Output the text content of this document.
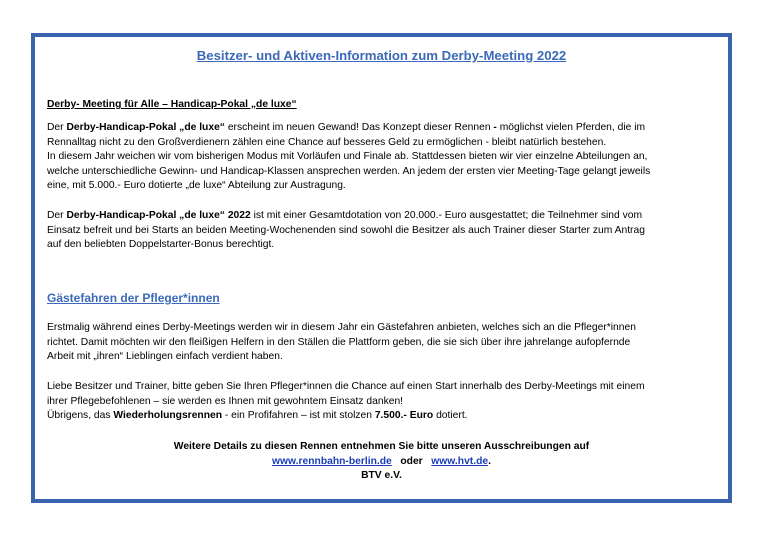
Besitzer- und Aktiven-Information zum Derby-Meeting 2022
Derby- Meeting für Alle – Handicap-Pokal „de luxe“

Der Derby-Handicap-Pokal „de luxe“ erscheint im neuen Gewand! Das Konzept dieser Rennen - möglichst vielen Pferden, die im
Rennalltag nicht zu den Großverdienern zählen eine Chance auf besseres Geld zu ermöglichen - bleibt natürlich bestehen.
In diesem Jahr weichen wir vom bisherigen Modus mit Vorläufen und Finale ab. Stattdessen bieten wir vier einzelne Abteilungen an,
welche unterschiedliche Gewinn- und Handicap-Klassen ansprechen werden. An jedem der ersten vier Meeting-Tage gelangt jeweils
eine, mit 5.000.- Euro dotierte „de luxe“ Abteilung zur Austragung.

Der Derby-Handicap-Pokal „de luxe“ 2022 ist mit einer Gesamtdotation von 20.000.- Euro ausgestattet; die Teilnehmer sind vom
Einsatz befreit und bei Starts an beiden Meeting-Wochenenden sind sowohl die Besitzer als auch Trainer dieser Starter zum Antrag
auf den beliebten Doppelstarter-Bonus berechtigt.

Gästefahren der Pfleger*innen

Erstmalig während eines Derby-Meetings werden wir in diesem Jahr ein Gästefahren anbieten, welches sich an die Pfleger*innen
richtet. Damit möchten wir den fleißigen Helfern in den Ställen die Plattform geben, die sie sich über ihre jahrelange aufopfernde
Arbeit mit „ihren“ Lieblingen einfach verdient haben.

Liebe Besitzer und Trainer, bitte geben Sie Ihren Pfleger*innen die Chance auf einen Start innerhalb des Derby-Meetings mit einem
ihrer Pflegebefohlenen – sie werden es Ihnen mit gewohntem Einsatz danken!
Übrigens, das Wiederholungsrennen - ein Profifahren – ist mit stolzen 7.500.- Euro dotiert.

Weitere Details zu diesen Rennen entnehmen Sie bitte unseren Ausschreibungen auf
www.rennbahn-berlin.de oder www.hvt.de.
BTV e.V.
